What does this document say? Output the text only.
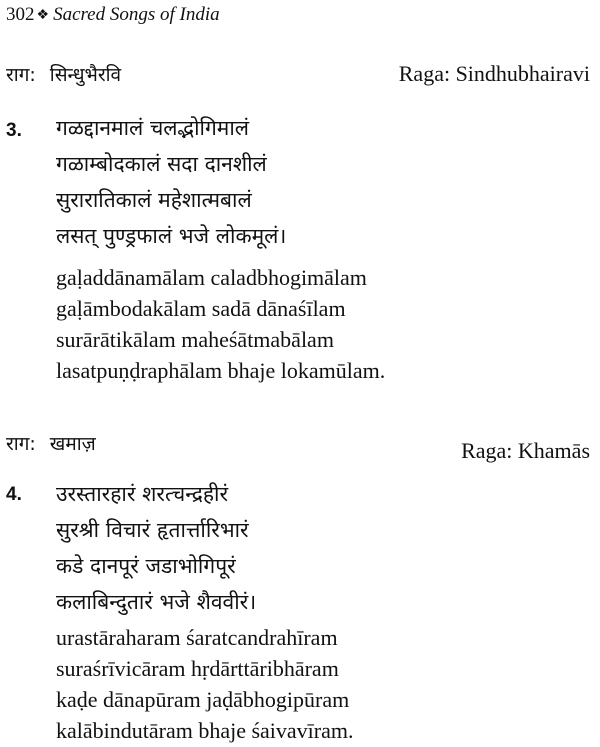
302 ❖ Sacred Songs of India
राग: सिन्धुभैरवि	Raga: Sindhubhairavi
3. गळद्दानमालं चलद्भोगिमालं
गळाम्बोदकालं सदा दानशीलं
सुरारातिकालं महेशात्मबालं
लसत् पुण्ड्रफालं भजे लोकमूलं।
gaḷaddānamālam caladbhogimālam
gaḷāmbodakālam sadā dānaśīlam
surārātikālam maheśātmabālam
lasatpuṇḍraphālam bhaje lokamūlam.
राग: खमाज़	Raga: Khamās
4. उरस्तारहारं शरत्चन्द्रहीरं
सुरश्री विचारं हृतार्त्तारिभारं
कडे दानपूरं जडाभोगिपूरं
कलाबिन्दुतारं भजे शैववीरं।
urastāraharam śaratcandrahīram
suraśrīvicāram hṛdārttāribhāram
kaḍe dānapūram jaḍābhogipūram
kalābindutāram bhaje śaivavīram.
